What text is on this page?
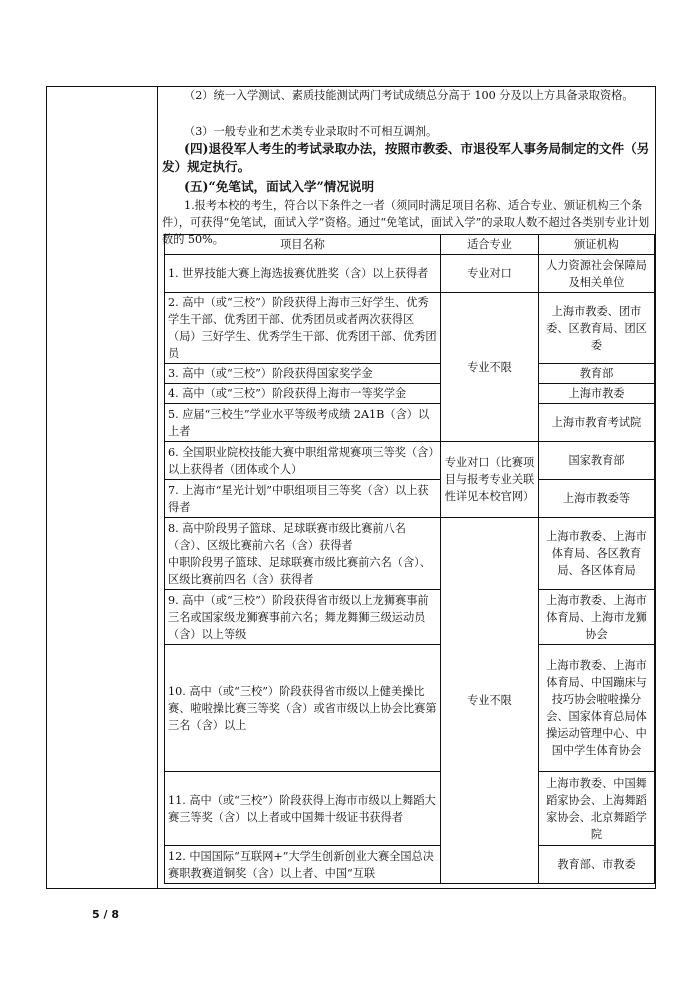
（2）统一入学测试、素质技能测试两门考试成绩总分高于 100 分及以上方具备录取资格。

（3）一般专业和艺术类专业录取时不可相互调剂。

(四)退役军人考生的考试录取办法，按照市教委、市退役军人事务局制定的文件（另发）规定执行。

(五)“免笔试，面试入学”情况说明

1.报考本校的考生，符合以下条件之一者（须同时满足项目名称、适合专业、颁证机构三个条件），可获得“免笔试，面试入学”资格。通过“免笔试，面试入学”的录取人数不超过各类别专业计划数的 50%。	项目名称	适合专业	颁证机构
1. 世界技能大赛上海选拔赛优胜奖（含）以上获得者	专业对口	人力资源社会保障局及相关单位
2. 高中（或“三校”）阶段获得上海市三好学生、优秀学生干部、优秀团干部、优秀团员或者两次获得区（局）三好学生、优秀学生干部、优秀团干部、优秀团员	专业不限	上海市教委、团市委、区教育局、团区委
3. 高中（或“三校”）阶段获得国家奖学金		教育部
4. 高中（或“三校”）阶段获得上海市一等奖学金		上海市教委
5. 应届“三校生”学业水平等级考成绩 2A1B（含）以上者		上海市教育考试院
6. 全国职业院校技能大赛中职组常规赛项三等奖（含）以上获得者（团体或个人）	专业对口（比赛项目与报考专业关联性详见本校官网）	国家教育部
7. 上海市“星光计划”中职组项目三等奖（含）以上获得者		上海市教委等

8. 高中阶段男子篮球、足球联赛市级比赛前八名（含）、区级比赛前六名（含）获得者
中职阶段男子篮球、足球联赛市级比赛前六名（含）、区级比赛前四名（含）获得者	专业不限	上海市教委、上海市体育局、各区教育局、各区体育局
9. 高中（或“三校”）阶段获得省市级以上龙狮赛事前三名或国家级龙狮赛事前六名；舞龙舞狮三级运动员（含）以上等级		上海市教委、上海市体育局、上海市龙狮协会
10. 高中（或“三校”）阶段获得省市级以上健美操比赛、啦啦操比赛三等奖（含）或省市级以上协会比赛第三名（含）以上		上海市教委、上海市体育局、中国蹦床与技巧协会啦啦操分会、国家体育总局体操运动管理中心、中国中学生体育协会
11. 高中（或“三校”）阶段获得上海市市级以上舞蹈大赛三等奖（含）以上者或中国舞十级证书获得者		上海市教委、中国舞蹈家协会、上海舞蹈家协会、北京舞蹈学院
12. 中国国际“互联网+”大学生创新创业大赛全国总决赛职教赛道铜奖（含）以上者、中国“互联		教育部、市教委
5 / 8
